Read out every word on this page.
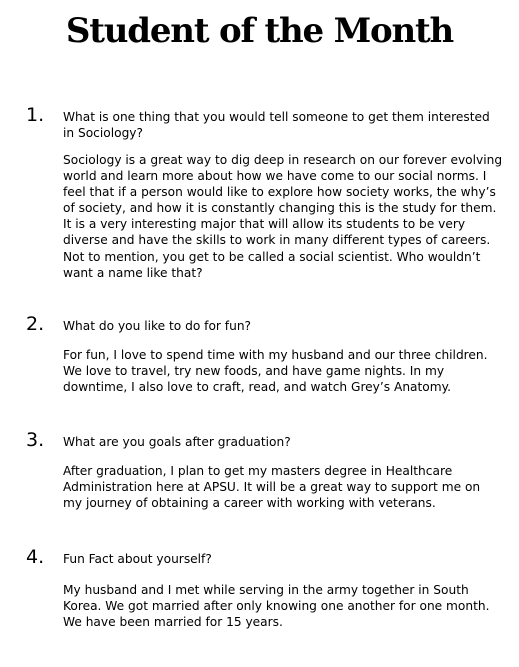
Student of the Month
1. What is one thing that you would tell someone to get them interested in Sociology?

Sociology is a great way to dig deep in research on our forever evolving world and learn more about how we have come to our social norms. I feel that if a person would like to explore how society works, the why’s of society, and how it is constantly changing this is the study for them. It is a very interesting major that will allow its students to be very diverse and have the skills to work in many different types of careers. Not to mention, you get to be called a social scientist. Who wouldn’t want a name like that?

2. What do you like to do for fun?

For fun, I love to spend time with my husband and our three children. We love to travel, try new foods, and have game nights. In my downtime, I also love to craft, read, and watch Grey’s Anatomy.

3. What are you goals after graduation?

After graduation, I plan to get my masters degree in Healthcare Administration here at APSU. It will be a great way to support me on my journey of obtaining a career with working with veterans.

4. Fun Fact about yourself?

My husband and I met while serving in the army together in South Korea. We got married after only knowing one another for one month. We have been married for 15 years.
